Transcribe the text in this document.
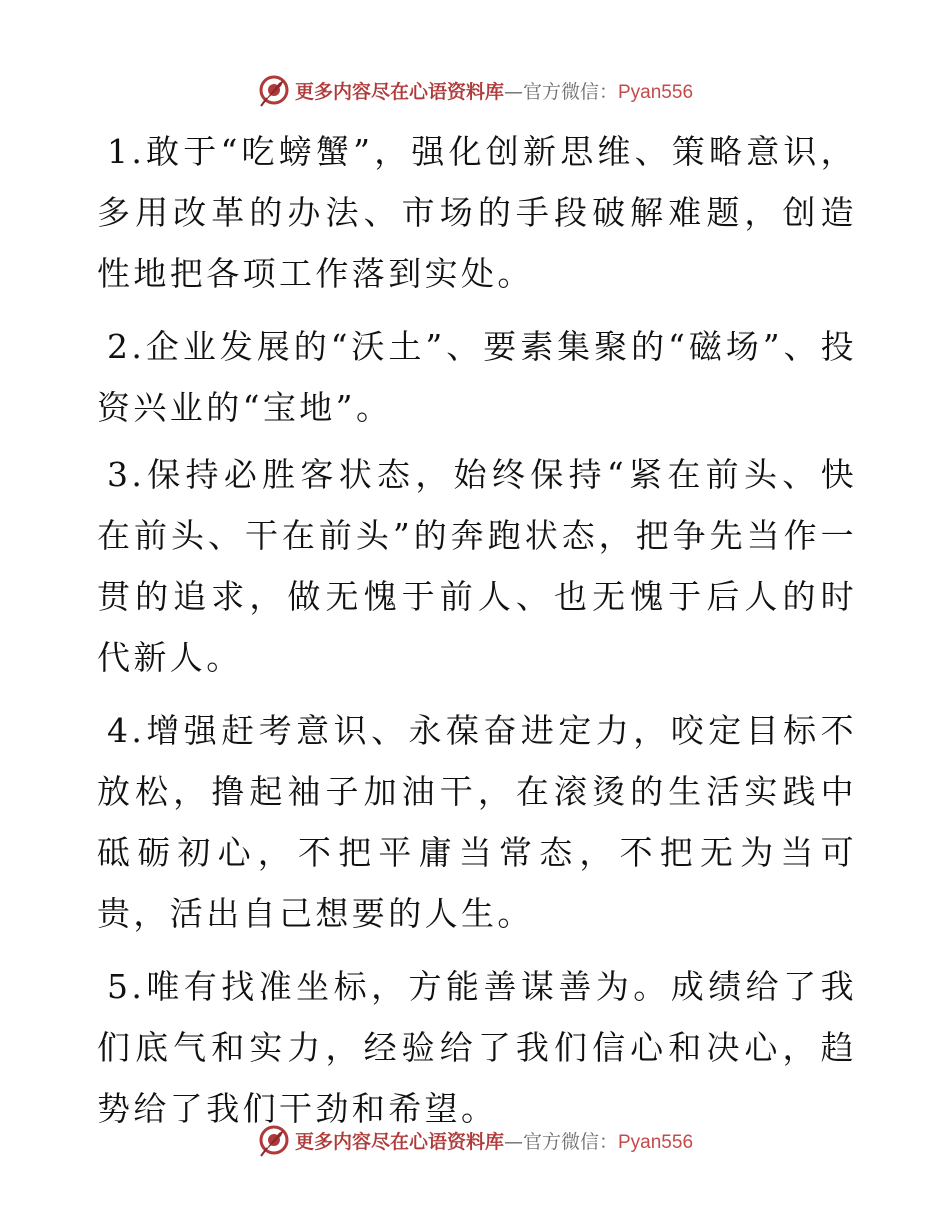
更多内容尽在心语资料库—官方微信：Pyan556

1.敢于“吃螃蟹”，强化创新思维、策略意识，多用改革的办法、市场的手段破解难题，创造性地把各项工作落到实处。

2.企业发展的“沃土”、要素集聚的“磁场”、投资兴业的“宝地”。

3.保持必胜客状态，始终保持“紧在前头、快在前头、干在前头”的奔跑状态，把争先当作一贯的追求，做无愧于前人、也无愧于后人的时代新人。

4.增强赶考意识、永葆奋进定力，咬定目标不放松，撸起袖子加油干，在滚烫的生活实践中砥砺初心，不把平庸当常态，不把无为当可贵，活出自己想要的人生。

5.唯有找准坐标，方能善谋善为。成绩给了我们底气和实力，经验给了我们信心和决心，趋势给了我们干劲和希望。

更多内容尽在心语资料库—官方微信：Pyan556
